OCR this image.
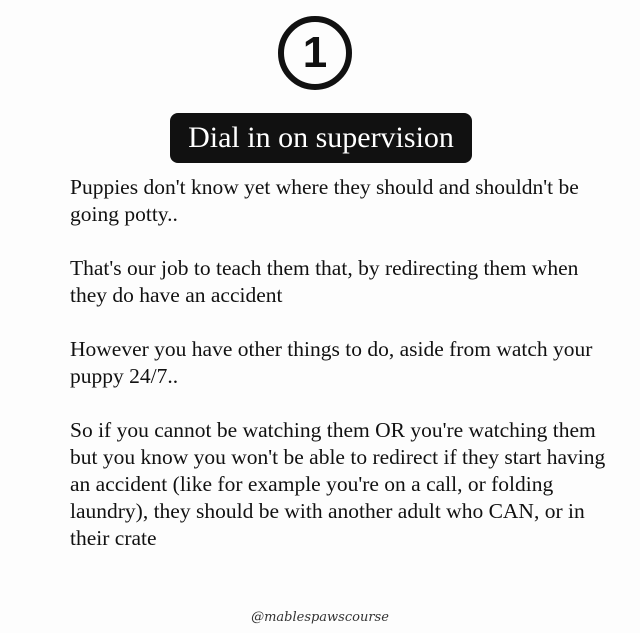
1
Dial in on supervision

Puppies don't know yet where they should and shouldn't be going potty..

That's our job to teach them that, by redirecting them when they do have an accident

However you have other things to do, aside from watch your puppy 24/7..

So if you cannot be watching them OR you're watching them but you know you won't be able to redirect if they start having an accident (like for example you're on a call, or folding laundry), they should be with another adult who CAN, or in their crate

@mablespawscourse
